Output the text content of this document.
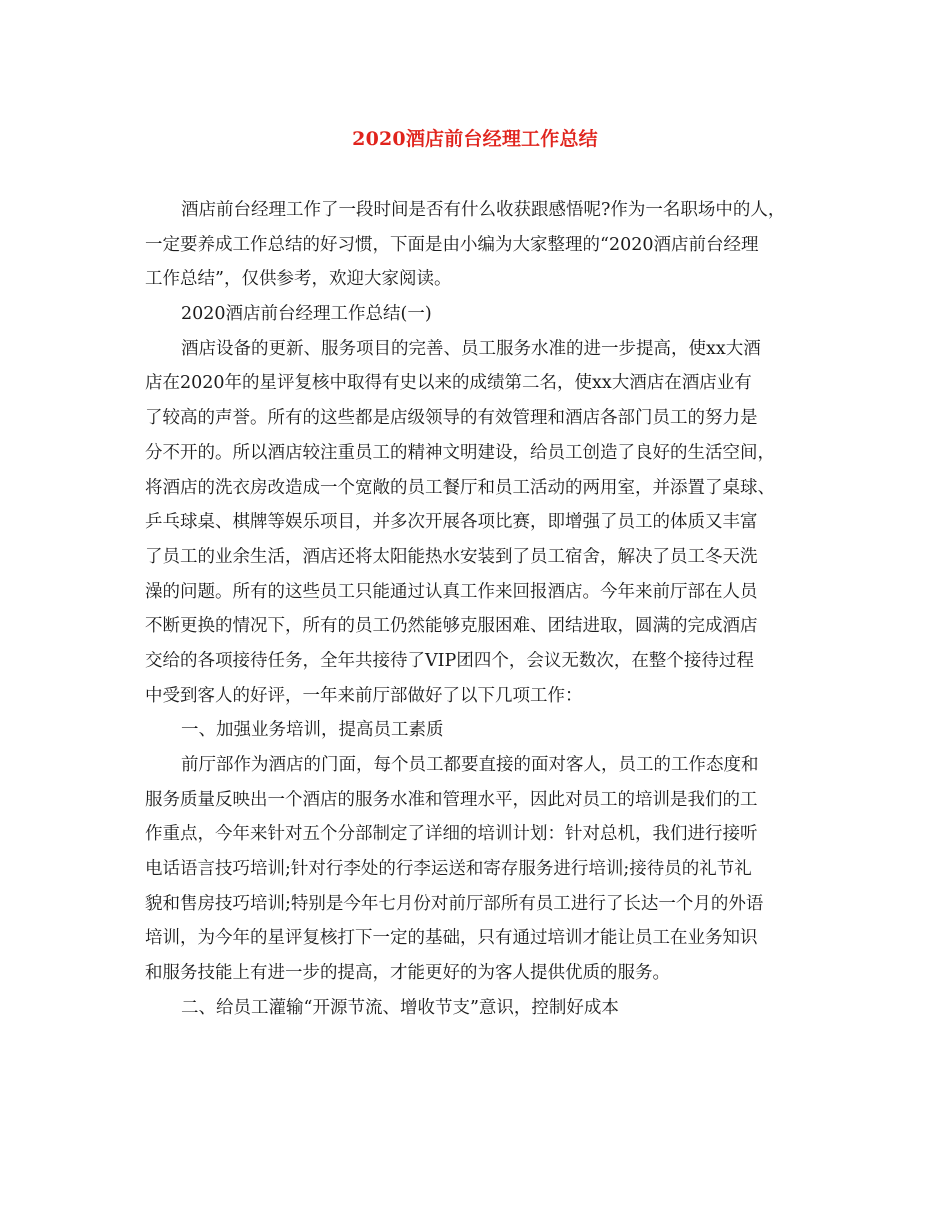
2020酒店前台经理工作总结
酒店前台经理工作了一段时间是否有什么收获跟感悟呢?作为一名职场中的人，
一定要养成工作总结的好习惯，下面是由小编为大家整理的“2020酒店前台经理
工作总结”，仅供参考，欢迎大家阅读。
2020酒店前台经理工作总结(一)
酒店设备的更新、服务项目的完善、员工服务水准的进一步提高，使xx大酒
店在2020年的星评复核中取得有史以来的成绩第二名，使xx大酒店在酒店业有
了较高的声誉。所有的这些都是店级领导的有效管理和酒店各部门员工的努力是
分不开的。所以酒店较注重员工的精神文明建设，给员工创造了良好的生活空间，
将酒店的洗衣房改造成一个宽敞的员工餐厅和员工活动的两用室，并添置了桌球、
乒乓球桌、棋牌等娱乐项目，并多次开展各项比赛，即增强了员工的体质又丰富
了员工的业余生活，酒店还将太阳能热水安装到了员工宿舍，解决了员工冬天洗
澡的问题。所有的这些员工只能通过认真工作来回报酒店。今年来前厅部在人员
不断更换的情况下，所有的员工仍然能够克服困难、团结进取，圆满的完成酒店
交给的各项接待任务，全年共接待了VIP团四个，会议无数次，在整个接待过程
中受到客人的好评，一年来前厅部做好了以下几项工作：
一、加强业务培训，提高员工素质
前厅部作为酒店的门面，每个员工都要直接的面对客人，员工的工作态度和
服务质量反映出一个酒店的服务水准和管理水平，因此对员工的培训是我们的工
作重点，今年来针对五个分部制定了详细的培训计划：针对总机，我们进行接听
电话语言技巧培训;针对行李处的行李运送和寄存服务进行培训;接待员的礼节礼
貌和售房技巧培训;特别是今年七月份对前厅部所有员工进行了长达一个月的外语
培训，为今年的星评复核打下一定的基础，只有通过培训才能让员工在业务知识
和服务技能上有进一步的提高，才能更好的为客人提供优质的服务。
二、给员工灌输“开源节流、增收节支”意识，控制好成本
